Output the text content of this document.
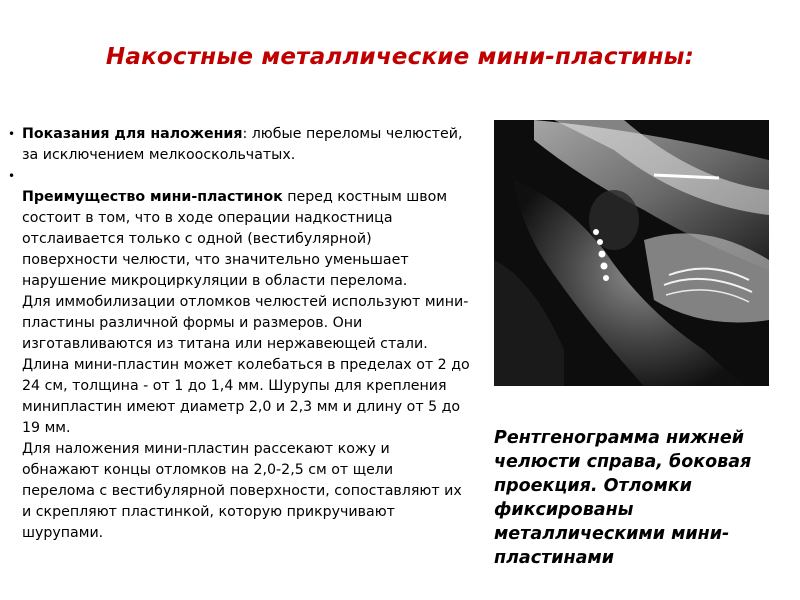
Накостные металлические мини-пластины:
• Показания для наложения: любые переломы челюстей, за исключением мелкооскольчатых.

•

Преимущество мини-пластинок перед костным швом состоит в том, что в ходе операции надкостница отслаивается только с одной (вестибулярной) поверхности челюсти, что значительно уменьшает нарушение микроциркуляции в области перелома.

Для иммобилизации отломков челюстей используют мини-пластины различной формы и размеров. Они изготавливаются из титана или нержавеющей стали. Длина мини-пластин может колебаться в пределах от 2 до 24 см, толщина - от 1 до 1,4 мм. Шурупы для крепления минипластин имеют диаметр 2,0 и 2,3 мм и длину от 5 до 19 мм.

Для наложения мини-пластин рассекают кожу и обнажают концы отломков на 2,0-2,5 см от щели перелома с вестибулярной поверхности, сопоставляют их и скрепляют пластинкой, которую прикручивают шурупами.

Рентгенограмма нижней челюсти справа, боковая проекция. Отломки фиксированы металлическими мини-пластинами
